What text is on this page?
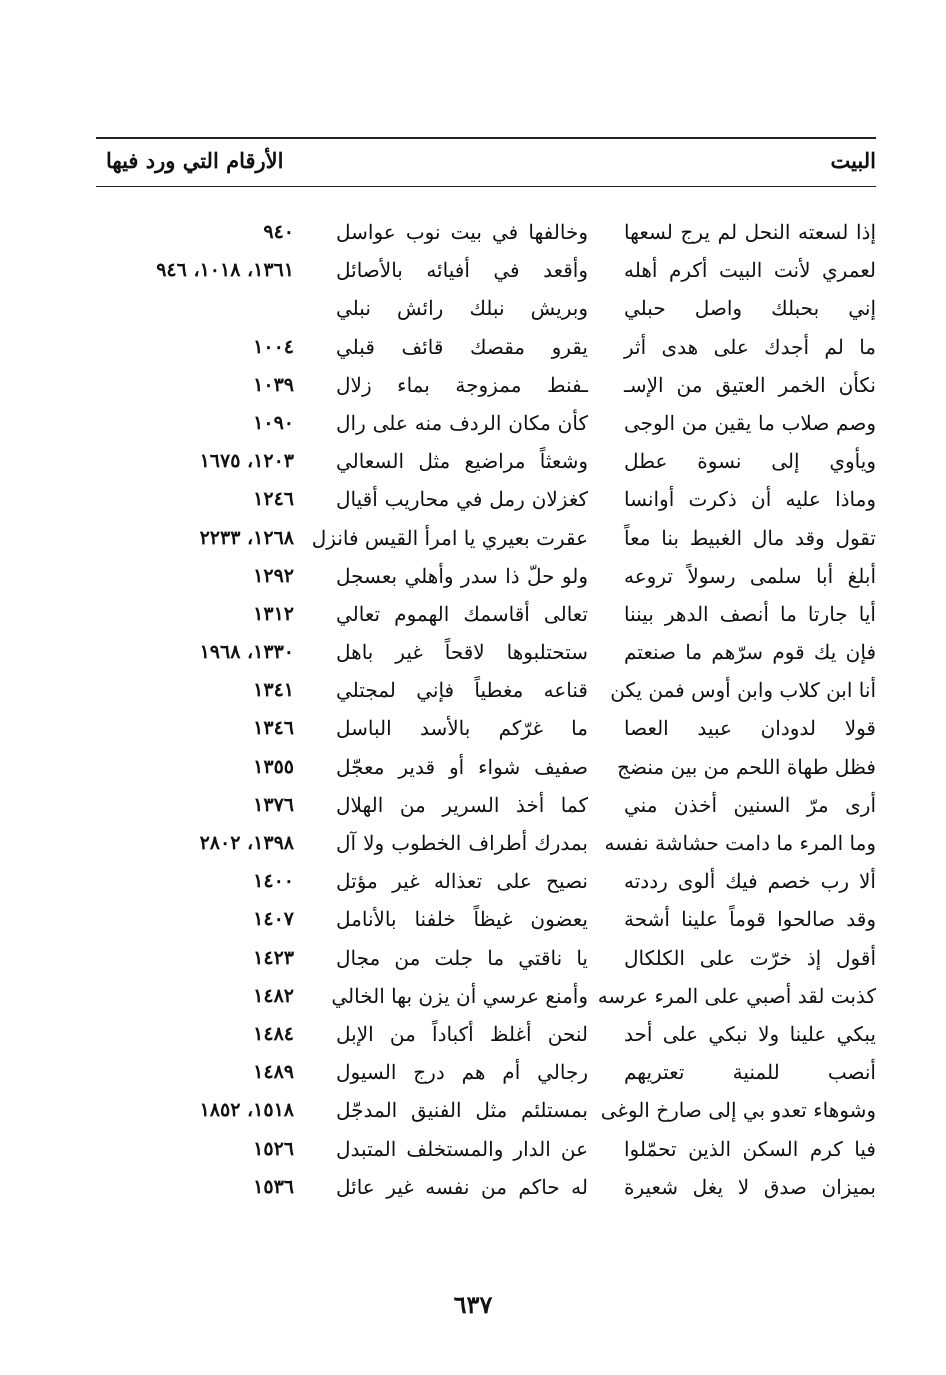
البيت
الأرقام التي ورد فيها
إذا لسعته النحل لم يرج لسعها
وخالفها في بيت نوب عواسل
٩٤٠
لعمري لأنت البيت أكرم أهله
وأقعد في أفيائه بالأصائل
١٣٦١، ١٠١٨، ٩٤٦
إني بحبلك واصل حبلي
وبريش نبلك رائش نبلي
ما لم أجدك على هدى أثر
يقرو مقصك قائف قبلي
١٠٠٤
نكأن الخمر العتيق من الإسـ
ـفنط ممزوجة بماء زلال
١٠٣٩
وصم صلاب ما يقين من الوجى
كأن مكان الردف منه على رال
١٠٩٠
ويأوي إلى نسوة عطل
وشعثاً مراضيع مثل السعالي
١٢٠٣، ١٦٧٥
وماذا عليه أن ذكرت أوانسا
كغزلان رمل في محاريب أقيال
١٢٤٦
تقول وقد مال الغبيط بنا معاً
عقرت بعيري يا امرأ القيس فانزل
١٢٦٨، ٢٢٣٣
أبلغ أبا سلمى رسولاً تروعه
ولو حلّ ذا سدر وأهلي بعسجل
١٢٩٢
أيا جارتا ما أنصف الدهر بيننا
تعالى أقاسمك الهموم تعالي
١٣١٢
فإن يك قوم سرّهم ما صنعتم
ستحتلبوها لاقحاً غير باهل
١٣٣٠، ١٩٦٨
أنا ابن كلاب وابن أوس فمن يكن
قناعه مغطياً فإني لمجتلي
١٣٤١
قولا لدودان عبيد العصا
ما غرّكم بالأسد الباسل
١٣٤٦
فظل طهاة اللحم من بين منضج
صفيف شواء أو قدير معجّل
١٣٥٥
أرى مرّ السنين أخذن مني
كما أخذ السرير من الهلال
١٣٧٦
وما المرء ما دامت حشاشة نفسه
بمدرك أطراف الخطوب ولا آل
١٣٩٨، ٢٨٠٢
ألا رب خصم فيك ألوى رددته
نصيح على تعذاله غير مؤتل
١٤٠٠
وقد صالحوا قوماً علينا أشحة
يعضون غيظاً خلفنا بالأنامل
١٤٠٧
أقول إذ خرّت على الكلكال
يا ناقتي ما جلت من مجال
١٤٢٣
كذبت لقد أصبي على المرء عرسه
وأمنع عرسي أن يزن بها الخالي
١٤٨٢
يبكي علينا ولا نبكي على أحد
لنحن أغلظ أكباداً من الإبل
١٤٨٤
أنصب للمنية تعتريهم
رجالي أم هم درج السيول
١٤٨٩
وشوهاء تعدو بي إلى صارخ الوغى
بمستلئم مثل الفنيق المدجّل
١٥١٨، ١٨٥٢
فيا كرم السكن الذين تحمّلوا
عن الدار والمستخلف المتبدل
١٥٢٦
بميزان صدق لا يغل شعيرة
له حاكم من نفسه غير عائل
١٥٣٦
٦٣٧
